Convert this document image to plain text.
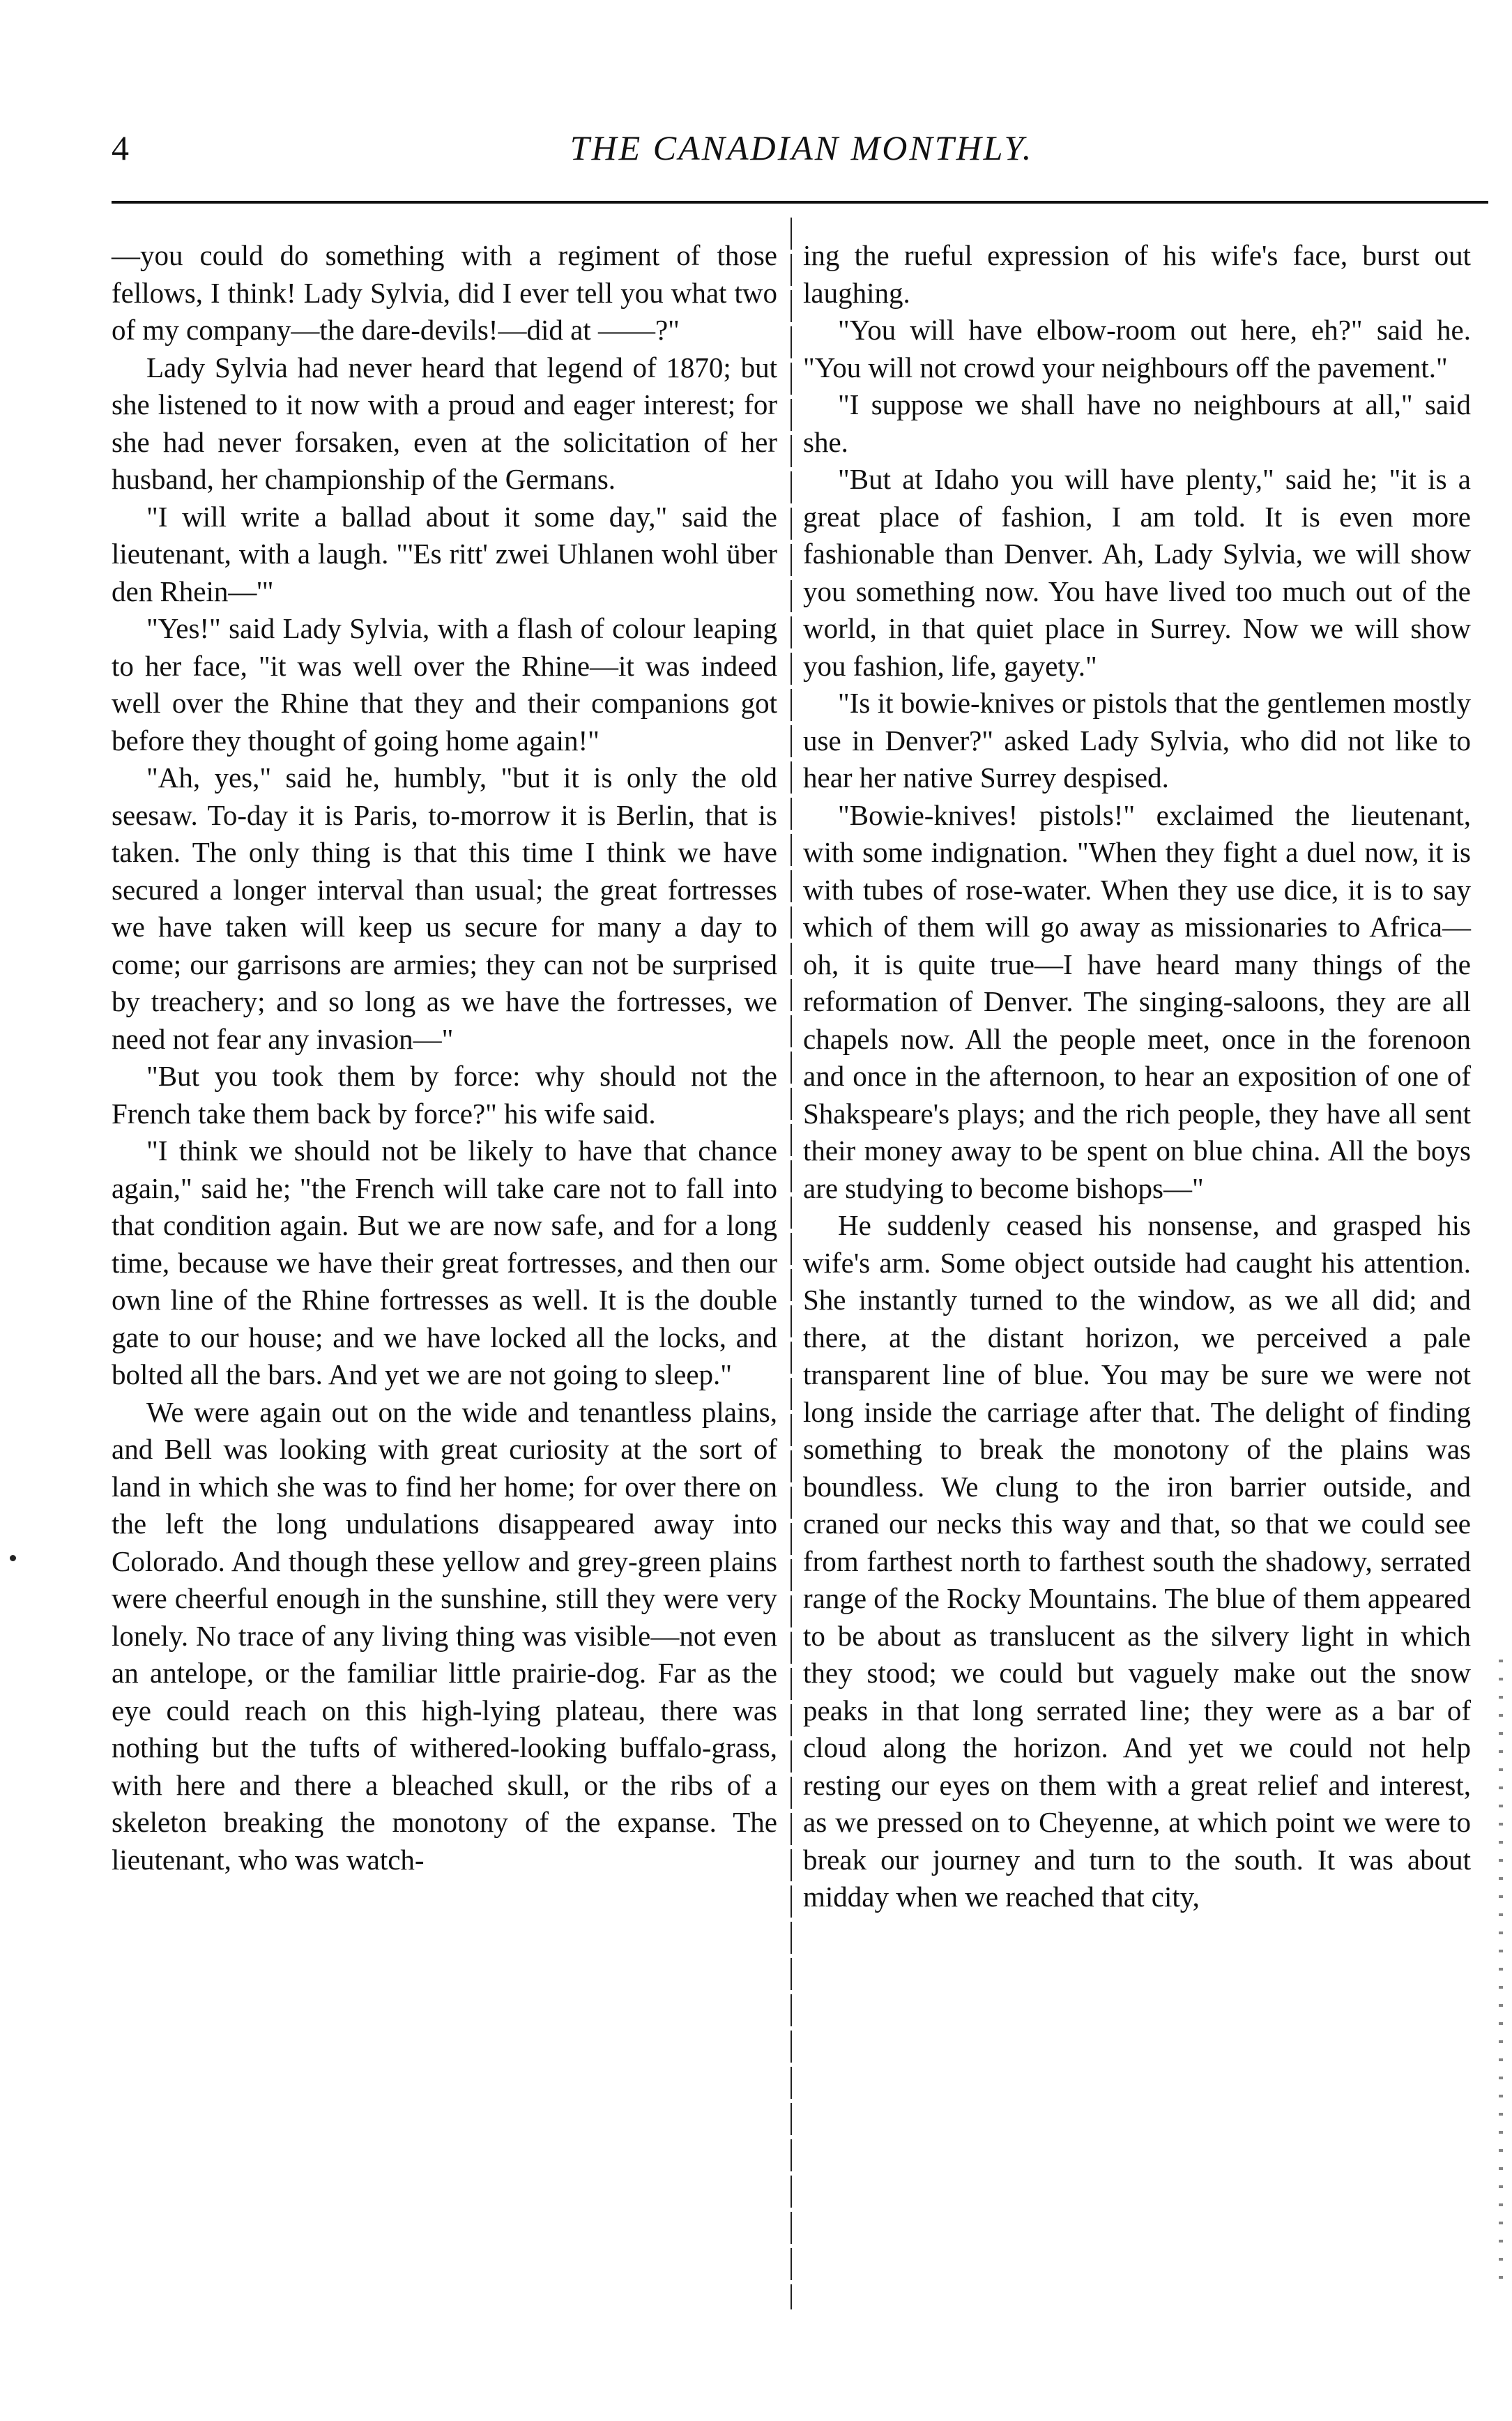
4	THE CANADIAN MONTHLY.

—you could do something with a regiment of those fellows, I think! Lady Sylvia, did I ever tell you what two of my company—the dare-devils!—did at ——?"

Lady Sylvia had never heard that legend of 1870; but she listened to it now with a proud and eager interest; for she had never forsaken, even at the solicitation of her husband, her championship of the Germans.

"I will write a ballad about it some day," said the lieutenant, with a laugh. "'Es ritt' zwei Uhlanen wohl über den Rhein—'"

"Yes!" said Lady Sylvia, with a flash of colour leaping to her face, "it was well over the Rhine—it was indeed well over the Rhine that they and their companions got before they thought of going home again!"

"Ah, yes," said he, humbly, "but it is only the old seesaw. To-day it is Paris, to-morrow it is Berlin, that is taken. The only thing is that this time I think we have secured a longer interval than usual; the great fortresses we have taken will keep us secure for many a day to come; our garrisons are armies; they can not be surprised by treachery; and so long as we have the fortresses, we need not fear any invasion—"

"But you took them by force: why should not the French take them back by force?" his wife said.

"I think we should not be likely to have that chance again," said he; "the French will take care not to fall into that condition again. But we are now safe, and for a long time, because we have their great fortresses, and then our own line of the Rhine fortresses as well. It is the double gate to our house; and we have locked all the locks, and bolted all the bars. And yet we are not going to sleep."

We were again out on the wide and tenantless plains, and Bell was looking with great curiosity at the sort of land in which she was to find her home; for over there on the left the long undulations disappeared away into Colorado. And though these yellow and grey-green plains were cheerful enough in the sunshine, still they were very lonely. No trace of any living thing was visible—not even an antelope, or the familiar little prairie-dog. Far as the eye could reach on this high-lying plateau, there was nothing but the tufts of withered-looking buffalo-grass, with here and there a bleached skull, or the ribs of a skeleton breaking the monotony of the expanse. The lieutenant, who was watch-

ing the rueful expression of his wife's face, burst out laughing.

"You will have elbow-room out here, eh?" said he. "You will not crowd your neighbours off the pavement."

"I suppose we shall have no neighbours at all," said she.

"But at Idaho you will have plenty," said he; "it is a great place of fashion, I am told. It is even more fashionable than Denver. Ah, Lady Sylvia, we will show you something now. You have lived too much out of the world, in that quiet place in Surrey. Now we will show you fashion, life, gayety."

"Is it bowie-knives or pistols that the gentlemen mostly use in Denver?" asked Lady Sylvia, who did not like to hear her native Surrey despised.

"Bowie-knives! pistols!" exclaimed the lieutenant, with some indignation. "When they fight a duel now, it is with tubes of rose-water. When they use dice, it is to say which of them will go away as missionaries to Africa—oh, it is quite true—I have heard many things of the reformation of Denver. The singing-saloons, they are all chapels now. All the people meet, once in the forenoon and once in the afternoon, to hear an exposition of one of Shakspeare's plays; and the rich people, they have all sent their money away to be spent on blue china. All the boys are studying to become bishops—"

He suddenly ceased his nonsense, and grasped his wife's arm. Some object outside had caught his attention. She instantly turned to the window, as we all did; and there, at the distant horizon, we perceived a pale transparent line of blue. You may be sure we were not long inside the carriage after that. The delight of finding something to break the monotony of the plains was boundless. We clung to the iron barrier outside, and craned our necks this way and that, so that we could see from farthest north to farthest south the shadowy, serrated range of the Rocky Mountains. The blue of them appeared to be about as translucent as the silvery light in which they stood; we could but vaguely make out the snow peaks in that long serrated line; they were as a bar of cloud along the horizon. And yet we could not help resting our eyes on them with a great relief and interest, as we pressed on to Cheyenne, at which point we were to break our journey and turn to the south. It was about midday when we reached that city,
